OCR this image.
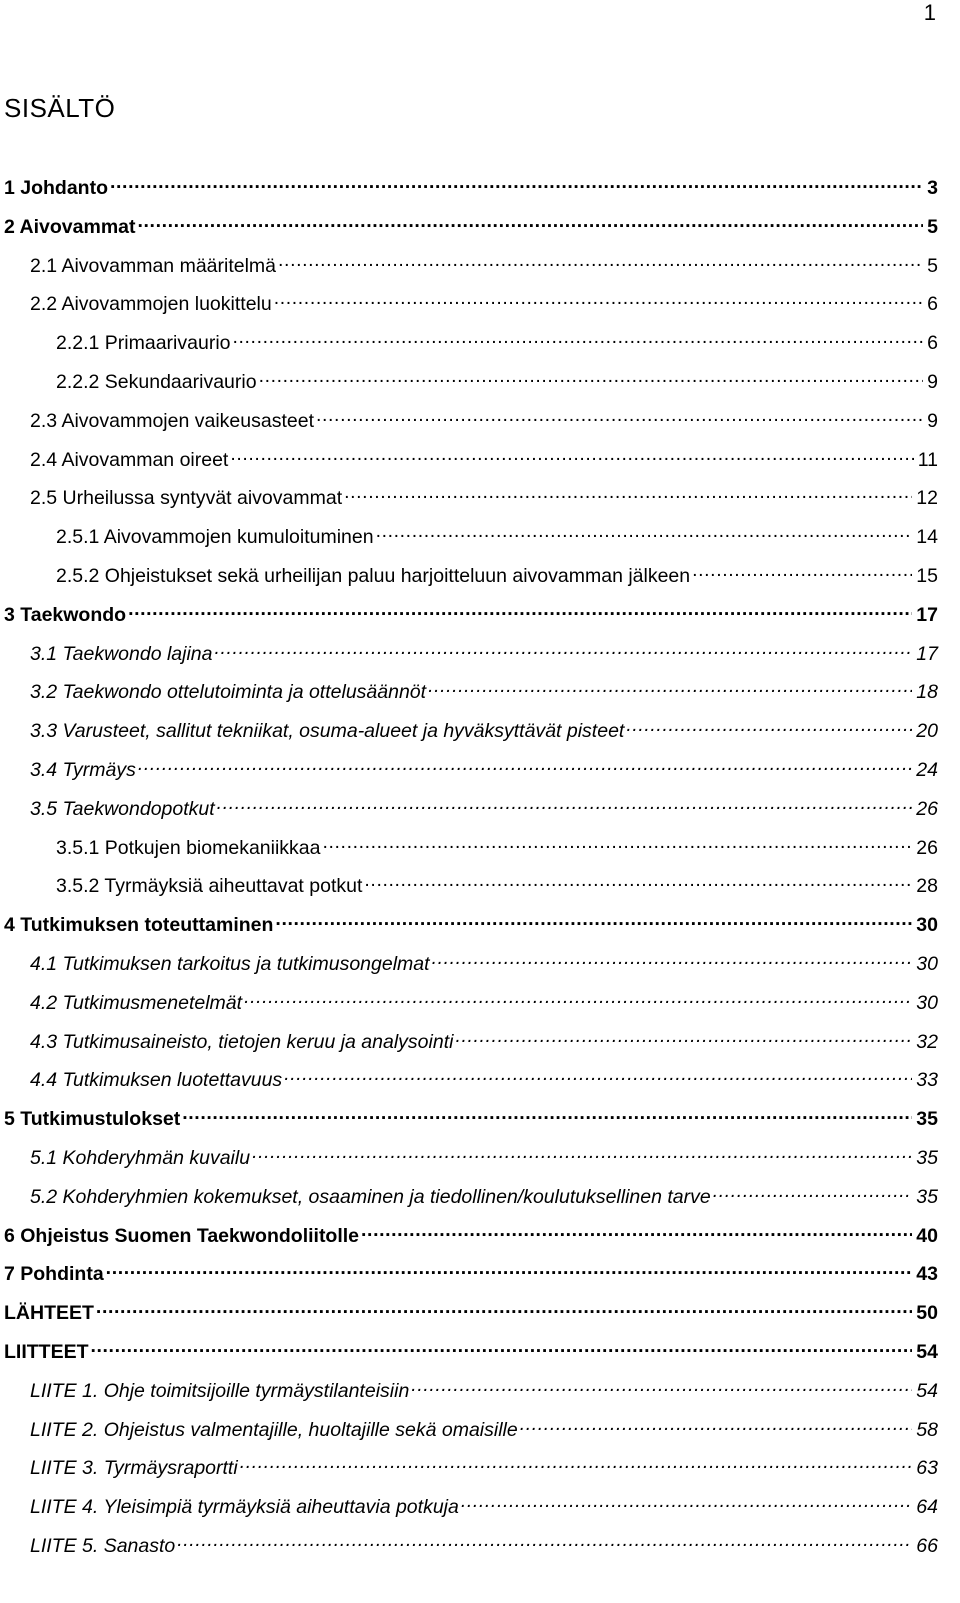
1
SISÄLTÖ
1 Johdanto .....	3
2 Aivovammat .....	5
2.1 Aivovamman määritelmä .....	5
2.2 Aivovammojen luokittelu .....	6
2.2.1 Primaarivaurio .....	6
2.2.2 Sekundaarivaurio .....	9
2.3 Aivovammojen vaikeusasteet .....	9
2.4 Aivovamman oireet .....	11
2.5 Urheilussa syntyvät aivovammat .....	12
2.5.1 Aivovammojen kumuloituminen .....	14
2.5.2 Ohjeistukset sekä urheilijan paluu harjoitteluun aivovamman jälkeen .....	15
3 Taekwondo .....	17
3.1 Taekwondo lajina .....	17
3.2 Taekwondo ottelutoiminta ja ottelusäännöt .....	18
3.3 Varusteet, sallitut tekniikat, osuma-alueet ja hyväksyttävät pisteet .....	20
3.4 Tyrmäys .....	24
3.5 Taekwondopotkut .....	26
3.5.1 Potkujen biomekaniikkaa .....	26
3.5.2 Tyrmäyksiä aiheuttavat potkut .....	28
4 Tutkimuksen toteuttaminen .....	30
4.1 Tutkimuksen tarkoitus ja tutkimusongelmat .....	30
4.2 Tutkimusmenetelmät .....	30
4.3 Tutkimusaineisto, tietojen keruu ja analysointi .....	32
4.4 Tutkimuksen luotettavuus .....	33
5 Tutkimustulokset .....	35
5.1 Kohderyhmän kuvailu .....	35
5.2 Kohderyhmien kokemukset, osaaminen ja tiedollinen/koulutuksellinen tarve .....	35
6 Ohjeistus Suomen Taekwondoliitolle .....	40
7 Pohdinta .....	43
LÄHTEET .....	50
LIITTEET .....	54
LIITE 1. Ohje toimitsijoille tyrmäystilanteisiin .....	54
LIITE 2. Ohjeistus valmentajille, huoltajille sekä omaisille .....	58
LIITE 3. Tyrmäysraportti .....	63
LIITE 4. Yleisimpiä tyrmäyksiä aiheuttavia potkuja .....	64
LIITE 5. Sanasto .....	66
